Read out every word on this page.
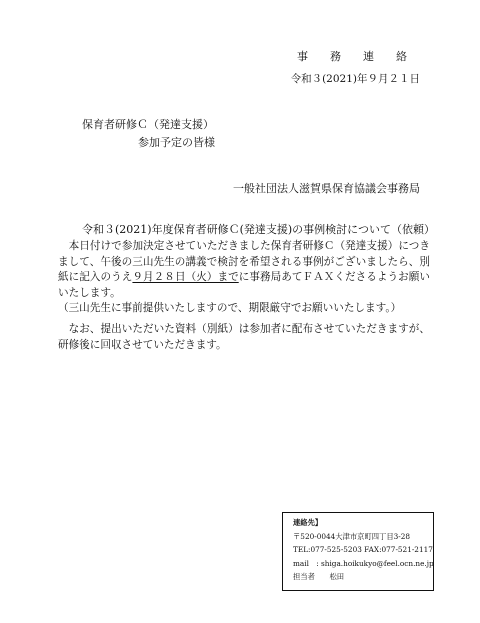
事務連絡
令和３(2021)年９月２１日
保育者研修Ｃ（発達支援）
参加予定の皆様
一般社団法人滋賀県保育協議会事務局
令和３(2021)年度保育者研修Ｃ(発達支援)の事例検討について（依頼）
　本日付けで参加決定させていただきました保育者研修Ｃ（発達支援）につきまして、午後の三山先生の講義で検討を希望される事例がございましたら、別紙に記入のうえ９月２８日（火）までに事務局あてＦＡＸくださるようお願いいたします。
（三山先生に事前提供いたしますので、期限厳守でお願いいたします。）
　なお、提出いただいた資料（別紙）は参加者に配布させていただきますが、研修後に回収させていただきます。
連絡先】
〒520-0044大津市京町四丁目3-28
TEL:077-525-5203 FAX:077-521-2117
mail　: shiga.hoikukyo@feel.ocn.ne.jp
担当者　　松田
